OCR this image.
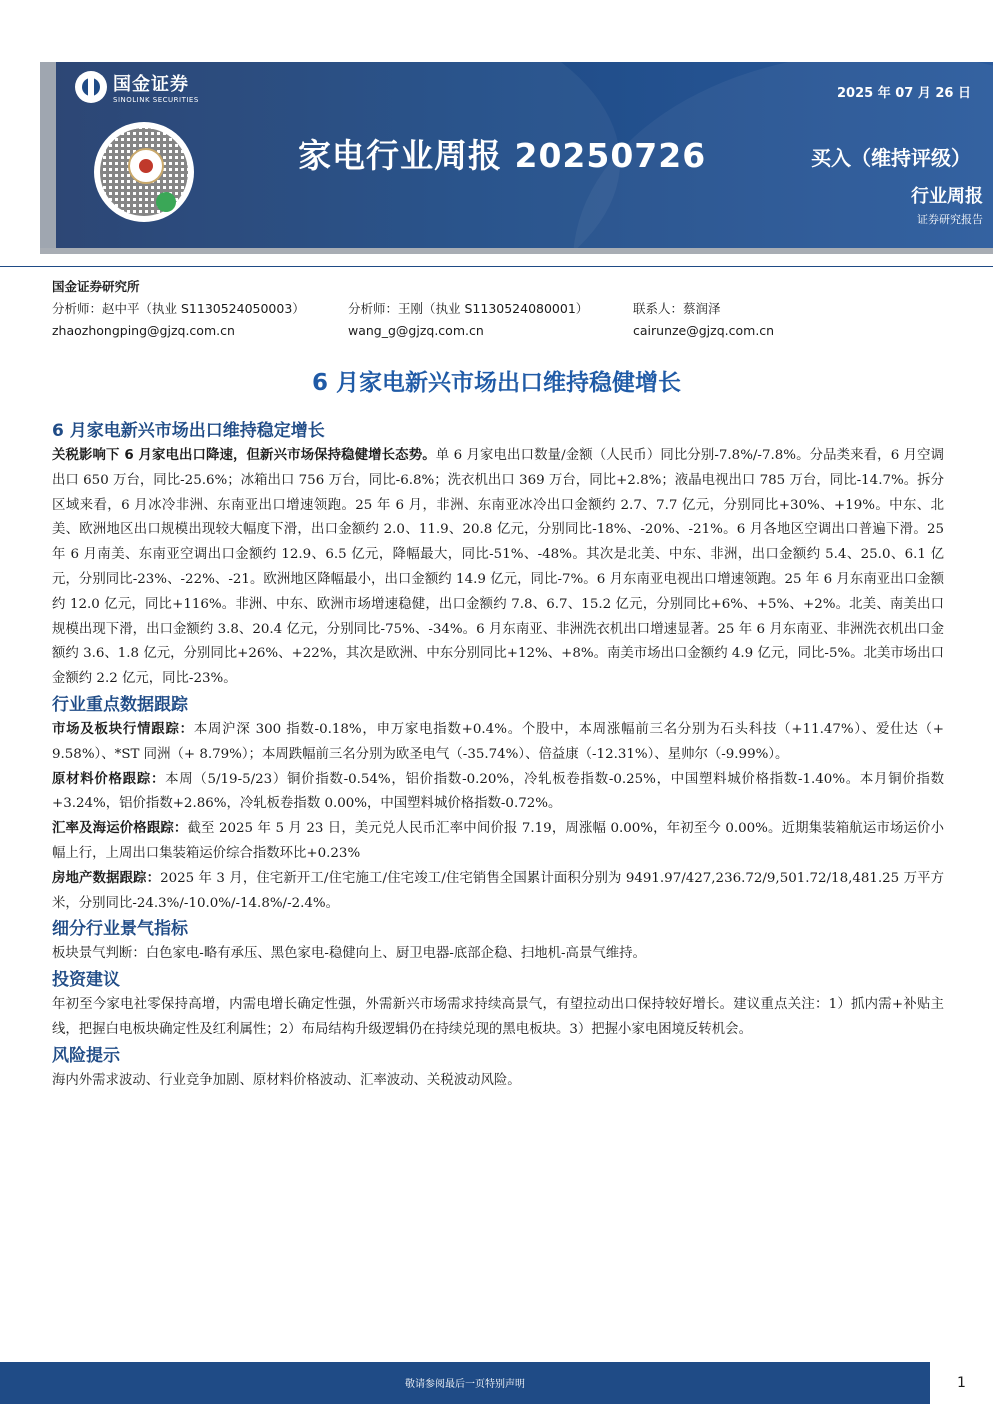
国金证券
SINOLINK SECURITIES	2025 年 07 月 26 日
家电行业周报 20250726	买入（维持评级）
行业周报
证券研究报告
国金证券研究所
分析师：赵中平（执业 S1130524050003）	分析师：王刚（执业 S1130524080001）	联系人：蔡润泽
zhaozhongping@gjzq.com.cn	wang_g@gjzq.com.cn	cairunze@gjzq.com.cn
6 月家电新兴市场出口维持稳健增长
6 月家电新兴市场出口维持稳定增长

关税影响下 6 月家电出口降速，但新兴市场保持稳健增长态势。单 6 月家电出口数量/金额（人民币）同比分别-7.8%/-7.8%。分品类来看，6 月空调出口 650 万台，同比-25.6%；冰箱出口 756 万台，同比-6.8%；洗衣机出口 369 万台，同比+2.8%；液晶电视出口 785 万台，同比-14.7%。拆分区域来看，6 月冰冷非洲、东南亚出口增速领跑。25 年 6 月，非洲、东南亚冰冷出口金额约 2.7、7.7 亿元，分别同比+30%、+19%。中东、北美、欧洲地区出口规模出现较大幅度下滑，出口金额约 2.0、11.9、20.8 亿元，分别同比-18%、-20%、-21%。6 月各地区空调出口普遍下滑。25 年 6 月南美、东南亚空调出口金额约 12.9、6.5 亿元，降幅最大，同比-51%、-48%。其次是北美、中东、非洲，出口金额约 5.4、25.0、6.1 亿元，分别同比-23%、-22%、-21。欧洲地区降幅最小，出口金额约 14.9 亿元，同比-7%。6 月东南亚电视出口增速领跑。25 年 6 月东南亚出口金额约 12.0 亿元，同比+116%。非洲、中东、欧洲市场增速稳健，出口金额约 7.8、6.7、15.2 亿元，分别同比+6%、+5%、+2%。北美、南美出口规模出现下滑，出口金额约 3.8、20.4 亿元，分别同比-75%、-34%。6 月东南亚、非洲洗衣机出口增速显著。25 年 6 月东南亚、非洲洗衣机出口金额约 3.6、1.8 亿元，分别同比+26%、+22%，其次是欧洲、中东分别同比+12%、+8%。南美市场出口金额约 4.9 亿元，同比-5%。北美市场出口金额约 2.2 亿元，同比-23%。

行业重点数据跟踪

市场及板块行情跟踪：本周沪深 300 指数-0.18%，申万家电指数+0.4%。个股中，本周涨幅前三名分别为石头科技（+11.47%）、爱仕达（+ 9.58%）、*ST 同洲（+ 8.79%）；本周跌幅前三名分别为欧圣电气（-35.74%）、倍益康（-12.31%）、星帅尔（-9.99%）。

原材料价格跟踪：本周（5/19-5/23）铜价指数-0.54%，铝价指数-0.20%，冷轧板卷指数-0.25%，中国塑料城价格指数-1.40%。本月铜价指数+3.24%，铝价指数+2.86%，冷轧板卷指数 0.00%，中国塑料城价格指数-0.72%。

汇率及海运价格跟踪：截至 2025 年 5 月 23 日，美元兑人民币汇率中间价报 7.19，周涨幅 0.00%，年初至今 0.00%。近期集装箱航运市场运价小幅上行，上周出口集装箱运价综合指数环比+0.23%

房地产数据跟踪：2025 年 3 月，住宅新开工/住宅施工/住宅竣工/住宅销售全国累计面积分别为 9491.97/427,236.72/9,501.72/18,481.25 万平方米，分别同比-24.3%/-10.0%/-14.8%/-2.4%。

细分行业景气指标

板块景气判断：白色家电-略有承压、黑色家电-稳健向上、厨卫电器-底部企稳、扫地机-高景气维持。

投资建议

年初至今家电社零保持高增，内需电增长确定性强，外需新兴市场需求持续高景气，有望拉动出口保持较好增长。建议重点关注：1）抓内需+补贴主线，把握白电板块确定性及红利属性；2）布局结构升级逻辑仍在持续兑现的黑电板块。3）把握小家电困境反转机会。

风险提示

海内外需求波动、行业竞争加剧、原材料价格波动、汇率波动、关税波动风险。

敬请参阅最后一页特别声明	1
